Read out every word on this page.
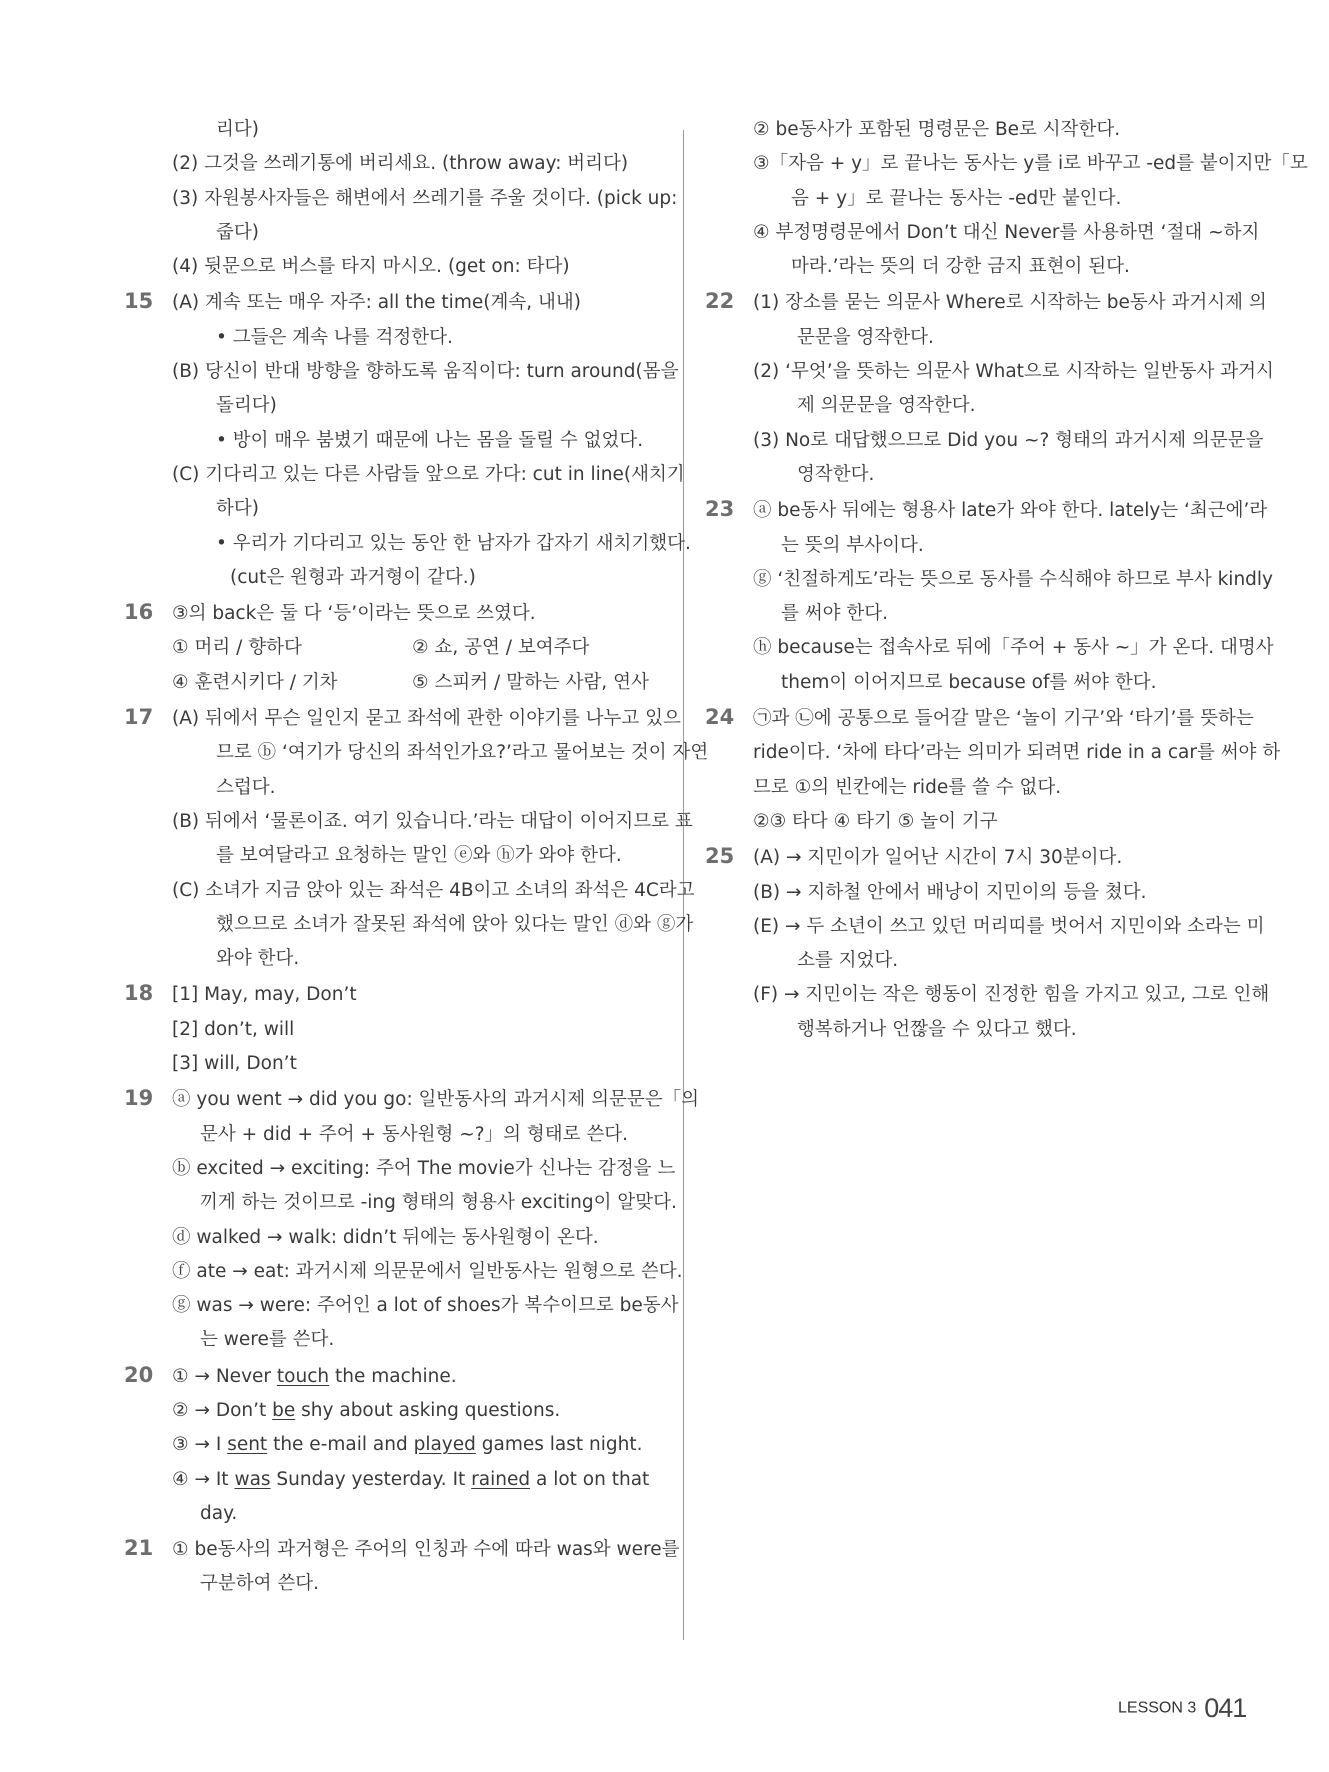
리다)
(2) 그것을 쓰레기통에 버리세요. (throw away: 버리다)
(3) 자원봉사자들은 해변에서 쓰레기를 주울 것이다. (pick up:
줍다)
(4) 뒷문으로 버스를 타지 마시오. (get on: 타다)
15 (A) 계속 또는 매우 자주: all the time(계속, 내내)
• 그들은 계속 나를 걱정한다.
(B) 당신이 반대 방향을 향하도록 움직이다: turn around(몸을
돌리다)
• 방이 매우 붐볐기 때문에 나는 몸을 돌릴 수 없었다.
(C) 기다리고 있는 다른 사람들 앞으로 가다: cut in line(새치기
하다)
• 우리가 기다리고 있는 동안 한 남자가 갑자기 새치기했다.
(cut은 원형과 과거형이 같다.)
16 ③의 back은 둘 다 ‘등’이라는 뜻으로 쓰였다.
① 머리 / 향하다	② 쇼, 공연 / 보여주다
④ 훈련시키다 / 기차	⑤ 스피커 / 말하는 사람, 연사
17 (A) 뒤에서 무슨 일인지 묻고 좌석에 관한 이야기를 나누고 있으
므로 ⓑ ‘여기가 당신의 좌석인가요?’라고 물어보는 것이 자연
스럽다.
(B) 뒤에서 ‘물론이죠. 여기 있습니다.’라는 대답이 이어지므로 표
를 보여달라고 요청하는 말인 ⓔ와 ⓗ가 와야 한다.
(C) 소녀가 지금 앉아 있는 좌석은 4B이고 소녀의 좌석은 4C라고
했으므로 소녀가 잘못된 좌석에 앉아 있다는 말인 ⓓ와 ⓖ가
와야 한다.
18 [1] May, may, Don’t
[2] don’t, will
[3] will, Don’t
19 ⓐ you went → did you go: 일반동사의 과거시제 의문문은「의
문사 + did + 주어 + 동사원형 ~?」의 형태로 쓴다.
ⓑ excited → exciting: 주어 The movie가 신나는 감정을 느
끼게 하는 것이므로 -ing 형태의 형용사 exciting이 알맞다.
ⓓ walked → walk: didn’t 뒤에는 동사원형이 온다.
ⓕ ate → eat: 과거시제 의문문에서 일반동사는 원형으로 쓴다.
ⓖ was → were: 주어인 a lot of shoes가 복수이므로 be동사
는 were를 쓴다.
20 ① → Never touch the machine.
② → Don’t be shy about asking questions.
③ → I sent the e-mail and played games last night.
④ → It was Sunday yesterday. It rained a lot on that
day.
21 ① be동사의 과거형은 주어의 인칭과 수에 따라 was와 were를
구분하여 쓴다.
② be동사가 포함된 명령문은 Be로 시작한다.
③「자음 + y」로 끝나는 동사는 y를 i로 바꾸고 -ed를 붙이지만「모
음 + y」로 끝나는 동사는 -ed만 붙인다.
④ 부정명령문에서 Don’t 대신 Never를 사용하면 ‘절대 ~하지
마라.’라는 뜻의 더 강한 금지 표현이 된다.
22 (1) 장소를 묻는 의문사 Where로 시작하는 be동사 과거시제 의
문문을 영작한다.
(2) ‘무엇’을 뜻하는 의문사 What으로 시작하는 일반동사 과거시
제 의문문을 영작한다.
(3) No로 대답했으므로 Did you ~? 형태의 과거시제 의문문을
영작한다.
23 ⓐ be동사 뒤에는 형용사 late가 와야 한다. lately는 ‘최근에’라
는 뜻의 부사이다.
ⓖ ‘친절하게도’라는 뜻으로 동사를 수식해야 하므로 부사 kindly
를 써야 한다.
ⓗ because는 접속사로 뒤에「주어 + 동사 ~」가 온다. 대명사
them이 이어지므로 because of를 써야 한다.
24 ㉠과 ㉡에 공통으로 들어갈 말은 ‘놀이 기구’와 ‘타기’를 뜻하는
ride이다. ‘차에 타다’라는 의미가 되려면 ride in a car를 써야 하
므로 ①의 빈칸에는 ride를 쓸 수 없다.
②③ 타다 ④ 타기 ⑤ 놀이 기구
25 (A) → 지민이가 일어난 시간이 7시 30분이다.
(B) → 지하철 안에서 배낭이 지민이의 등을 쳤다.
(E) → 두 소년이 쓰고 있던 머리띠를 벗어서 지민이와 소라는 미
소를 지었다.
(F) → 지민이는 작은 행동이 진정한 힘을 가지고 있고, 그로 인해
행복하거나 언짢을 수 있다고 했다.
LESSON 3 041
